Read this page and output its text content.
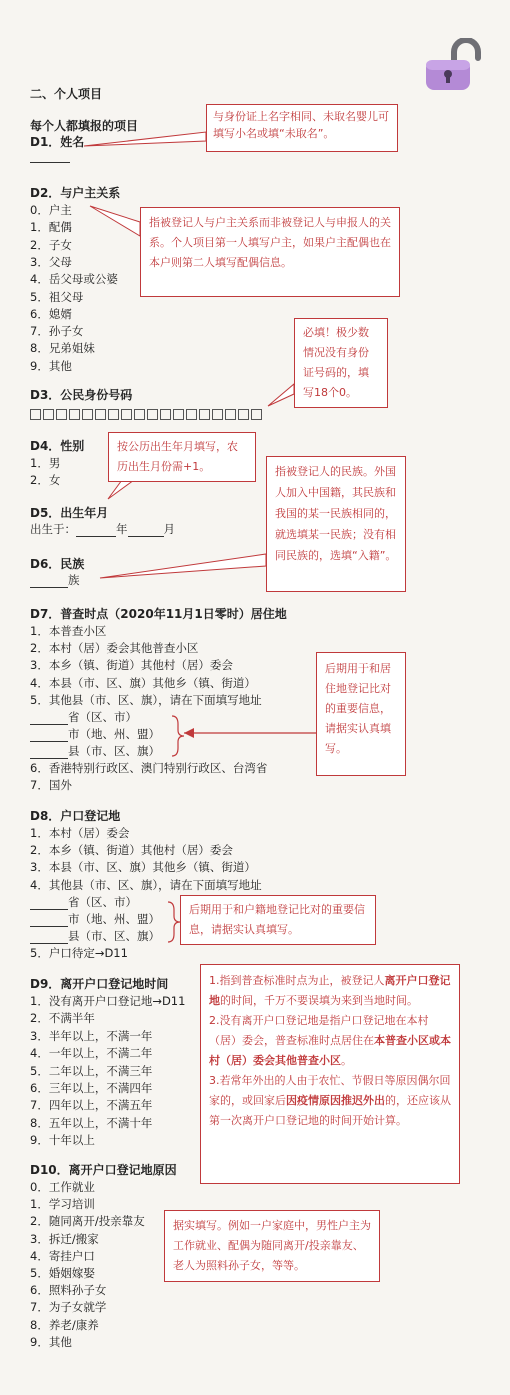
二、个人项目
每个人都填报的项目
D1．姓名
D2．与户主关系
0．户主
1．配偶
2．子女
3．父母
4．岳父母或公婆
5．祖父母
6．媳婿
7．孙子女
8．兄弟姐妹
9．其他
D3．公民身份号码
D4．性别
1．男
2．女
D5．出生年月
出生于：	年	月
D6．民族
族
D7．普查时点（2020年11月1日零时）居住地
1．本普查小区
2．本村（居）委会其他普查小区
3．本乡（镇、街道）其他村（居）委会
4．本县（市、区、旗）其他乡（镇、街道）
5．其他县（市、区、旗），请在下面填写地址
省（区、市）
市（地、州、盟）
县（市、区、旗）
6．香港特别行政区、澳门特别行政区、台湾省
7．国外
D8．户口登记地
1．本村（居）委会
2．本乡（镇、街道）其他村（居）委会
3．本县（市、区、旗）其他乡（镇、街道）
4．其他县（市、区、旗），请在下面填写地址
省（区、市）
市（地、州、盟）
县（市、区、旗）
5．户口待定→D11
D9．离开户口登记地时间
1．没有离开户口登记地→D11
2．不满半年
3．半年以上，不满一年
4．一年以上，不满二年
5．二年以上，不满三年
6．三年以上，不满四年
7．四年以上，不满五年
8．五年以上，不满十年
9．十年以上
D10．离开户口登记地原因
0．工作就业
1．学习培训
2．随同离开/投亲靠友
3．拆迁/搬家
4．寄挂户口
5．婚姻嫁娶
6．照料孙子女
7．为子女就学
8．养老/康养
9．其他
与身份证上名字相同、未取名婴儿可填写小名或填“未取名”。
指被登记人与户主关系而非被登记人与申报人的关系。个人项目第一人填写户主，如果户主配偶也在本户则第二人填写配偶信息。
必填！极少数情况没有身份证号码的，填写18个0。
按公历出生年月填写，农历出生月份需+1。	指被登记人的民族。外国人加入中国籍，其民族和我国的某一民族相同的，就选填某一民族；没有相同民族的，选填“入籍”。
后期用于和居住地登记比对的重要信息，请据实认真填写。
后期用于和户籍地登记比对的重要信息，请据实认真填写。
1.指到普查标准时点为止，被登记人离开户口登记地的时间，千万不要误填为来到当地时间。
2.没有离开户口登记地是指户口登记地在本村（居）委会，普查标准时点居住在本普查小区或本村（居）委会其他普查小区。
3.若常年外出的人由于农忙、节假日等原因偶尔回家的，或回家后因疫情原因推迟外出的，还应该从第一次离开户口登记地的时间开始计算。
据实填写。例如一户家庭中，男性户主为工作就业、配偶为随同离开/投亲靠友、老人为照料孙子女，等等。
